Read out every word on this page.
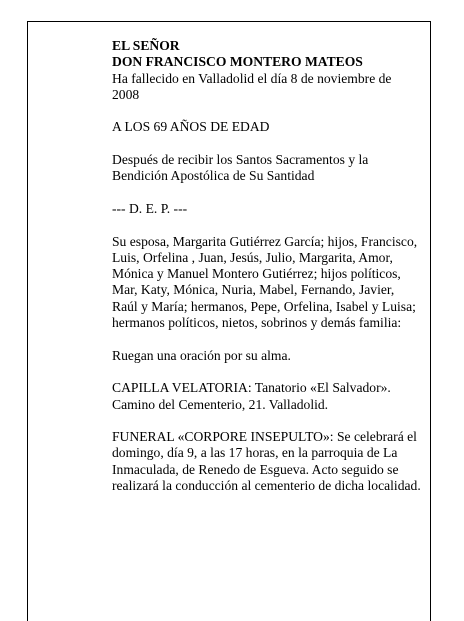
EL SEÑOR
DON FRANCISCO MONTERO MATEOS
Ha fallecido en Valladolid el día 8 de noviembre de
2008

A LOS 69 AÑOS DE EDAD

Después de recibir los Santos Sacramentos y la
Bendición Apostólica de Su Santidad

--- D. E. P. ---

Su esposa, Margarita Gutiérrez García; hijos, Francisco,
Luis, Orfelina , Juan, Jesús, Julio, Margarita, Amor,
Mónica y Manuel Montero Gutiérrez; hijos políticos,
Mar, Katy, Mónica, Nuria, Mabel, Fernando, Javier,
Raúl y María; hermanos, Pepe, Orfelina, Isabel y Luisa;
hermanos políticos, nietos, sobrinos y demás familia:

Ruegan una oración por su alma.

CAPILLA VELATORIA: Tanatorio «El Salvador».
Camino del Cementerio, 21. Valladolid.

FUNERAL «CORPORE INSEPULTO»: Se celebrará el
domingo, día 9, a las 17 horas, en la parroquia de La
Inmaculada, de Renedo de Esgueva. Acto seguido se
realizará la conducción al cementerio de dicha localidad.
